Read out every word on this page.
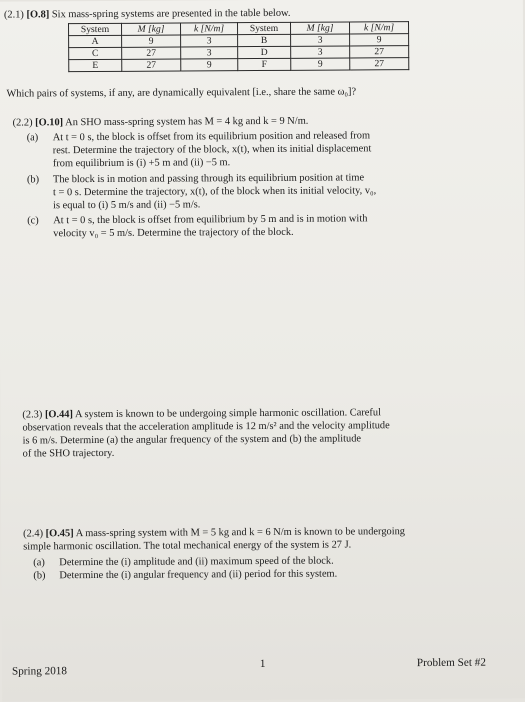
(2.1) [O.8] Six mass-spring systems are presented in the table below.
System	M [kg]	k [N/m]	System	M [kg]	k [N/m]
A	9	3	B	3	9
C	27	3	D	3	27
E	27	9	F	9	27
Which pairs of systems, if any, are dynamically equivalent [i.e., share the same ω₀]?
(2.2) [O.10] An SHO mass-spring system has M = 4 kg and k = 9 N/m.
(a) At t = 0 s, the block is offset from its equilibrium position and released from
rest. Determine the trajectory of the block, x(t), when its initial displacement
from equilibrium is (i) +5 m and (ii) −5 m.
(b) The block is in motion and passing through its equilibrium position at time
t = 0 s. Determine the trajectory, x(t), of the block when its initial velocity, v₀,
is equal to (i) 5 m/s and (ii) −5 m/s.
(c) At t = 0 s, the block is offset from equilibrium by 5 m and is in motion with
velocity v₀ = 5 m/s. Determine the trajectory of the block.
(2.3) [O.44] A system is known to be undergoing simple harmonic oscillation. Careful
observation reveals that the acceleration amplitude is 12 m/s² and the velocity amplitude
is 6 m/s. Determine (a) the angular frequency of the system and (b) the amplitude
of the SHO trajectory.
(2.4) [O.45] A mass-spring system with M = 5 kg and k = 6 N/m is known to be undergoing
simple harmonic oscillation. The total mechanical energy of the system is 27 J.
(a) Determine the (i) amplitude and (ii) maximum speed of the block.
(b) Determine the (i) angular frequency and (ii) period for this system.
Spring 2018
1	Problem Set #2
